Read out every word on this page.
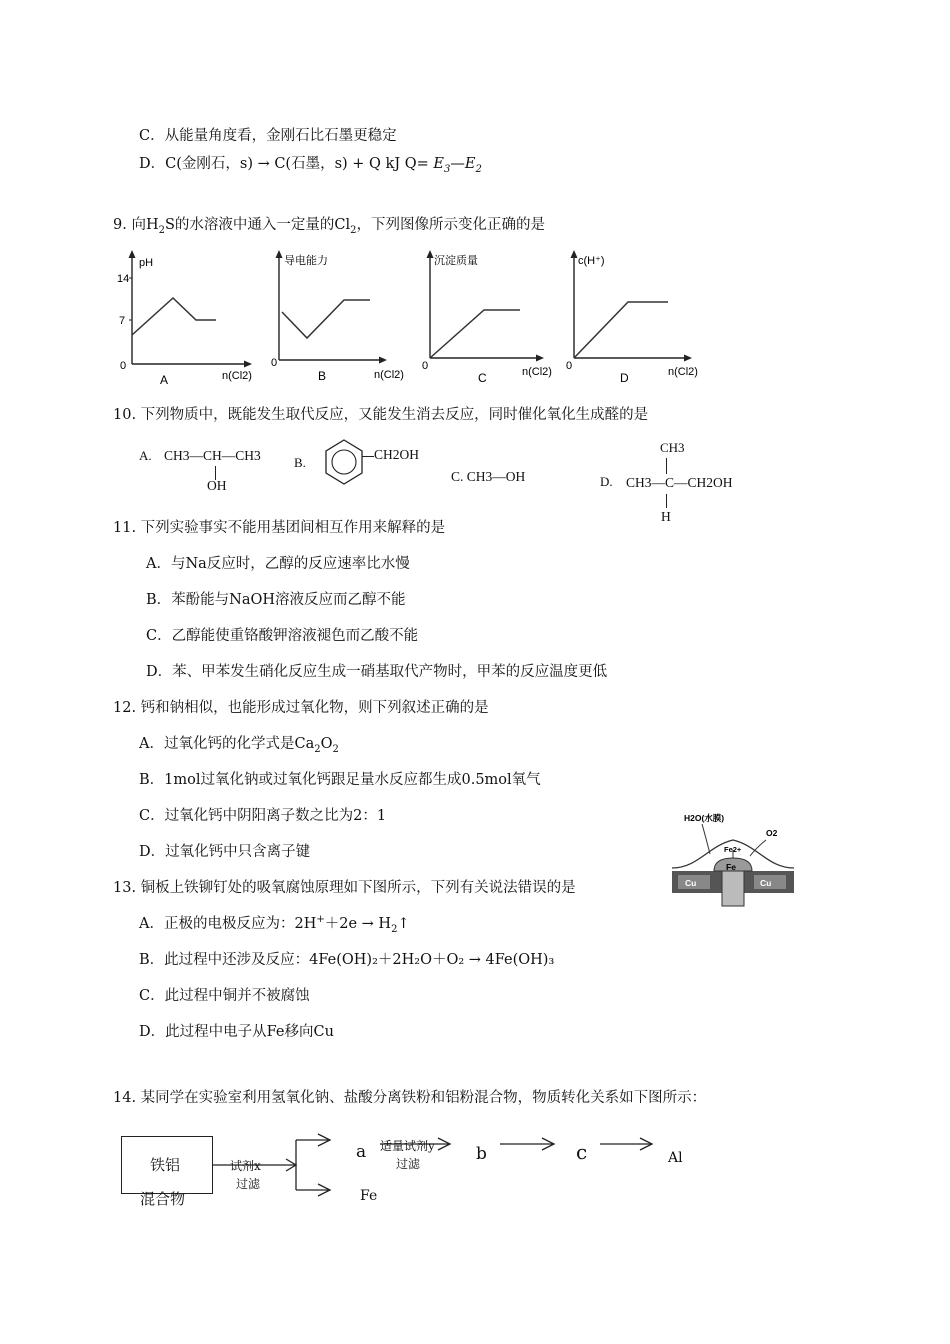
C．从能量角度看，金刚石比石墨更稳定
D．C(金刚石，s) → C(石墨，s) + Q kJ $Q= E_3—E_2$
9. 向$H_2S$的水溶液中通入一定量的$Cl_2$，下列图像所示变化正确的是
pH
14
7
0
A	n(Cl2)
导电能力
0
B	n(Cl2)
沉淀质量
0
C	n(Cl2)
c(H⁺)
0
D	n(Cl2)
10. 下列物质中，既能发生取代反应，又能发生消去反应，同时催化氧化生成醛的是
A. CH3—CH—CH3
OH
B.
CH2OH
C. CH3—OH	D.
CH3
CH3—C—CH2OH
H
11. 下列实验事实不能用基团间相互作用来解释的是
A．与Na反应时，乙醇的反应速率比水慢
B．苯酚能与NaOH溶液反应而乙醇不能
C．乙醇能使重铬酸钾溶液褪色而乙酸不能
D．苯、甲苯发生硝化反应生成一硝基取代产物时，甲苯的反应温度更低
12. 钙和钠相似，也能形成过氧化物，则下列叙述正确的是
A．过氧化钙的化学式是$Ca_2O_2$
B．1mol过氧化钠或过氧化钙跟足量水反应都生成0.5mol氧气
C．过氧化钙中阴阳离子数之比为2：1
D．过氧化钙中只含离子键
H2O(水膜)
O2
Cu	Cu
Fe
Fe2+
13. 铜板上铁铆钉处的吸氧腐蚀原理如下图所示，下列有关说法错误的是
A．正极的电极反应为：$2H^++2e \to H_2↑$
B．此过程中还涉及反应：4Fe(OH)₂＋2H₂O＋O₂ → 4Fe(OH)₃
C．此过程中铜并不被腐蚀
D．此过程中电子从Fe移向Cu
14. 某同学在实验室利用氢氧化钠、盐酸分离铁粉和铝粉混合物，物质转化关系如下图所示：
铁铝
混合物
试剂x
过滤
a 适量试剂y
过滤	b	c	Al
Fe
